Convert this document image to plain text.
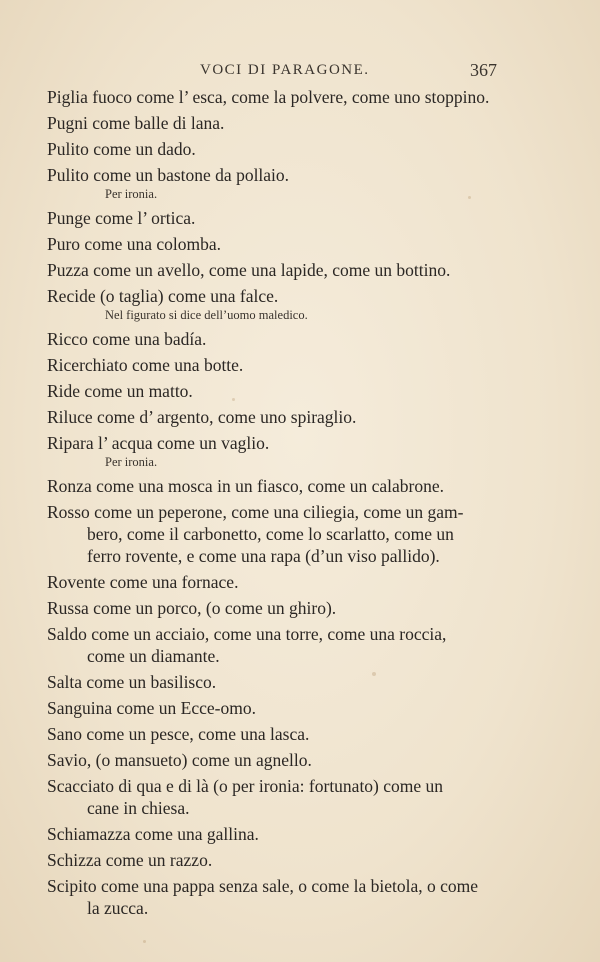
VOCI DI PARAGONE.	367
Piglia fuoco come l’ esca, come la polvere, come uno stoppino.
Pugni come balle di lana.
Pulito come un dado.
Pulito come un bastone da pollaio.
Per ironia.
Punge come l’ ortica.
Puro come una colomba.
Puzza come un avello, come una lapide, come un bottino.
Recide (o taglia) come una falce.
Nel figurato si dice dell’uomo maledico.
Ricco come una badía.
Ricerchiato come una botte.
Ride come un matto.
Riluce come d’ argento, come uno spiraglio.
Ripara l’ acqua come un vaglio.
Per ironia.
Ronza come una mosca in un fiasco, come un calabrone.
Rosso come un peperone, come una ciliegia, come un gam-
bero, come il carbonetto, come lo scarlatto, come un
ferro rovente, e come una rapa (d’un viso pallido).
Rovente come una fornace.
Russa come un porco, (o come un ghiro).
Saldo come un acciaio, come una torre, come una roccia,
come un diamante.
Salta come un basilisco.
Sanguina come un Ecce-omo.
Sano come un pesce, come una lasca.
Savio, (o mansueto) come un agnello.
Scacciato di qua e di là (o per ironia: fortunato) come un
cane in chiesa.
Schiamazza come una gallina.
Schizza come un razzo.
Scipito come una pappa senza sale, o come la bietola, o come
la zucca.
